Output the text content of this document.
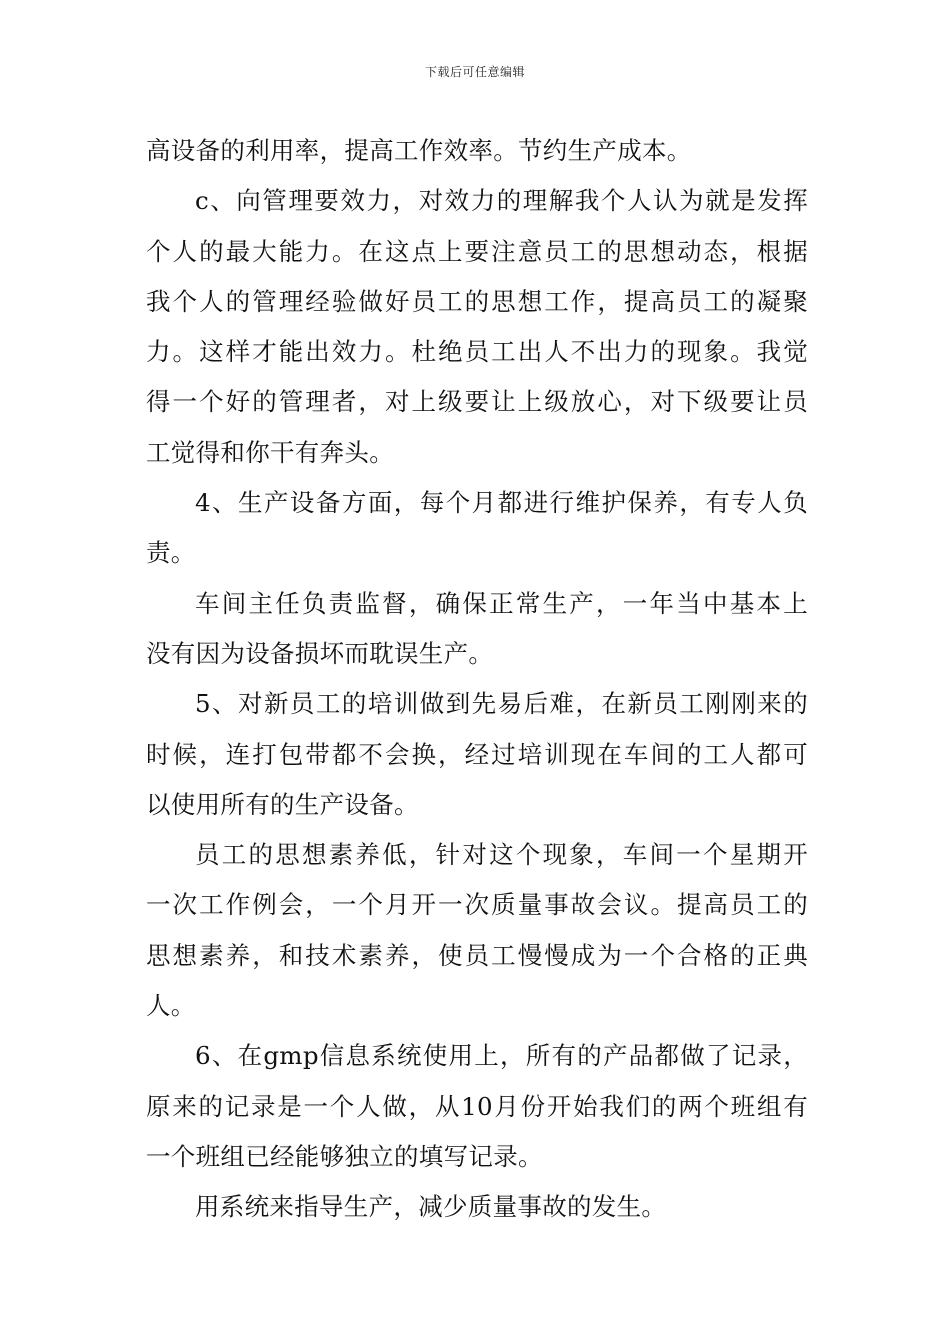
下载后可任意编辑
高设备的利用率，提高工作效率。节约生产成本。
c、向管理要效力，对效力的理解我个人认为就是发挥
个人的最大能力。在这点上要注意员工的思想动态，根据
我个人的管理经验做好员工的思想工作，提高员工的凝聚
力。这样才能出效力。杜绝员工出人不出力的现象。我觉
得一个好的管理者，对上级要让上级放心，对下级要让员
工觉得和你干有奔头。
4、生产设备方面，每个月都进行维护保养，有专人负
责。
车间主任负责监督，确保正常生产，一年当中基本上
没有因为设备损坏而耽误生产。
5、对新员工的培训做到先易后难，在新员工刚刚来的
时候，连打包带都不会换，经过培训现在车间的工人都可
以使用所有的生产设备。
员工的思想素养低，针对这个现象，车间一个星期开
一次工作例会，一个月开一次质量事故会议。提高员工的
思想素养，和技术素养，使员工慢慢成为一个合格的正典
人。
6、在gmp信息系统使用上，所有的产品都做了记录，
原来的记录是一个人做，从10月份开始我们的两个班组有
一个班组已经能够独立的填写记录。
用系统来指导生产，减少质量事故的发生。
